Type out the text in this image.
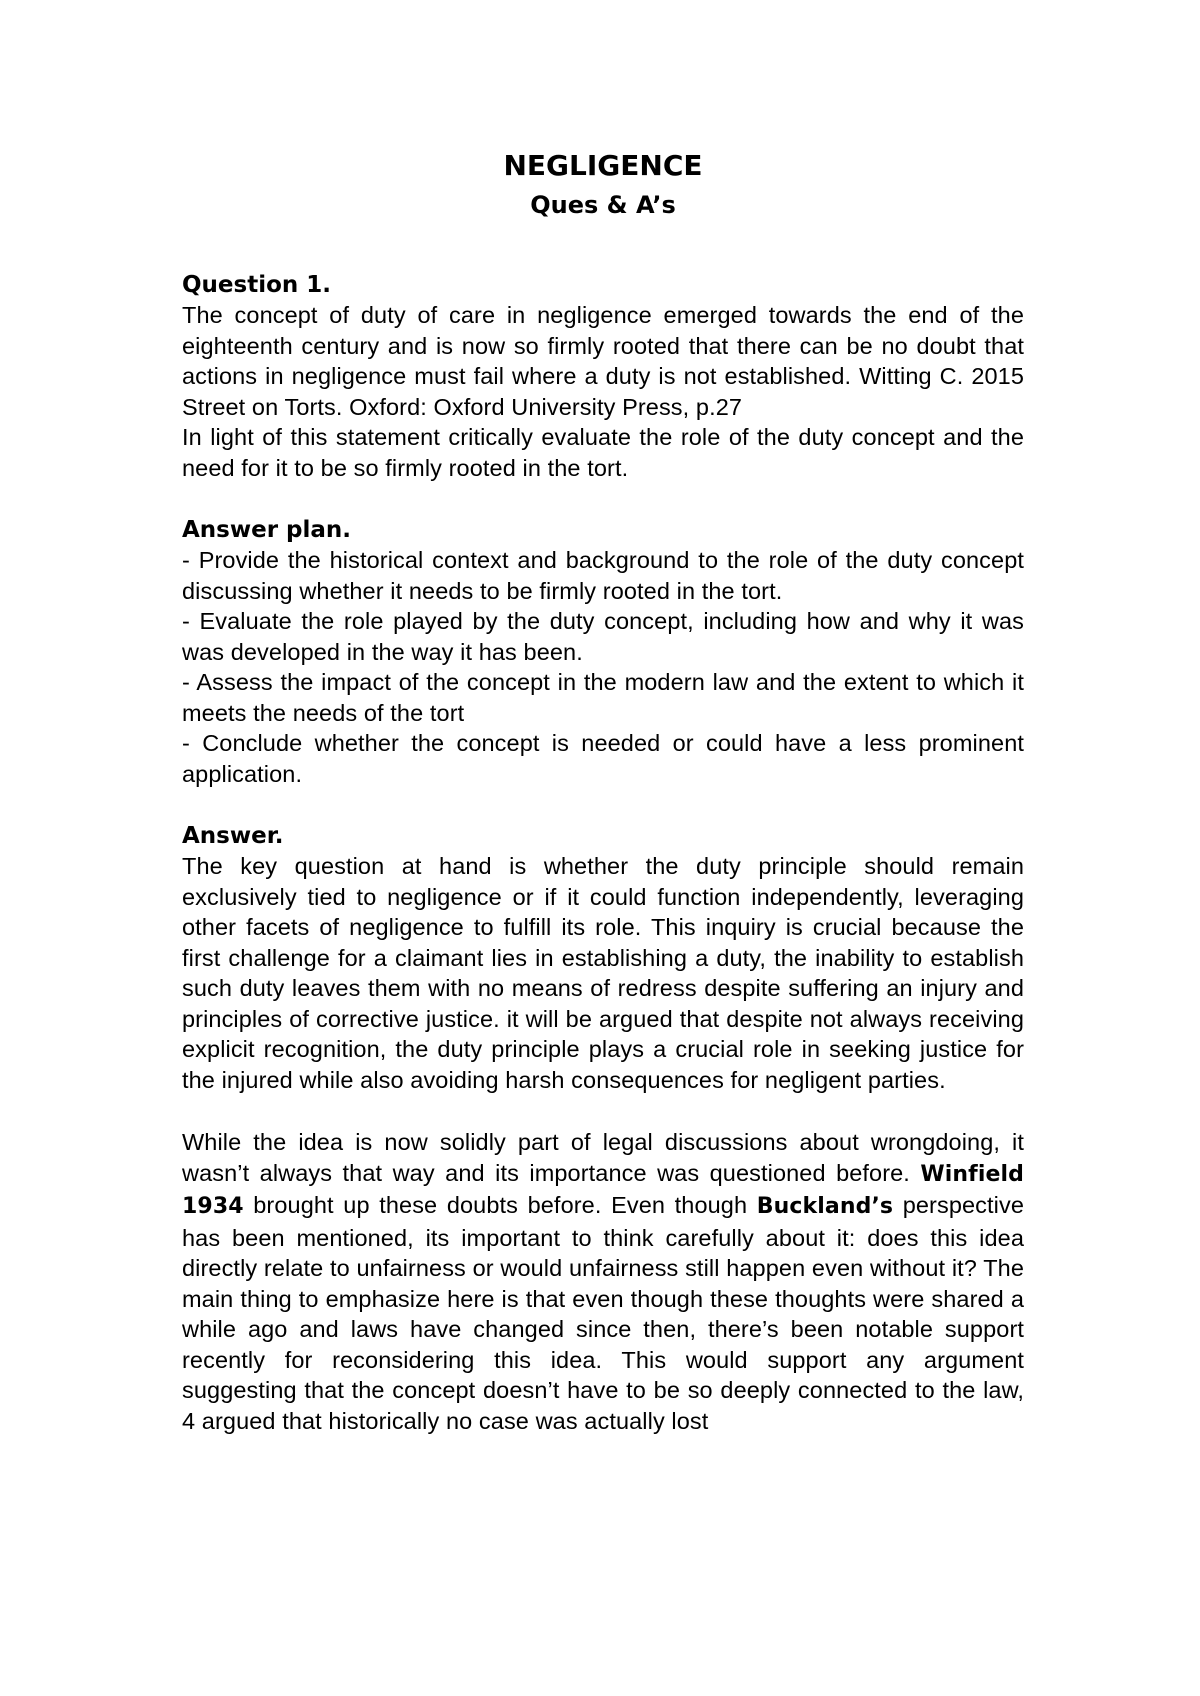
NEGLIGENCE
Ques & A’s
Question 1.

The concept of duty of care in negligence emerged towards the end of the eighteenth century and is now so firmly rooted that there can be no doubt that actions in negligence must fail where a duty is not established. Witting C. 2015 Street on Torts. Oxford: Oxford University Press, p.27

In light of this statement critically evaluate the role of the duty concept and the need for it to be so firmly rooted in the tort.

Answer plan.

- Provide the historical context and background to the role of the duty concept discussing whether it needs to be firmly rooted in the tort.

- Evaluate the role played by the duty concept, including how and why it was was developed in the way it has been.

- Assess the impact of the concept in the modern law and the extent to which it meets the needs of the tort

- Conclude whether the concept is needed or could have a less prominent application.

Answer.

The key question at hand is whether the duty principle should remain exclusively tied to negligence or if it could function independently, leveraging other facets of negligence to fulfill its role. This inquiry is crucial because the first challenge for a claimant lies in establishing a duty, the inability to establish such duty leaves them with no means of redress despite suffering an injury and principles of corrective justice. it will be argued that despite not always receiving explicit recognition, the duty principle plays a crucial role in seeking justice for the injured while also avoiding harsh consequences for negligent parties.

While the idea is now solidly part of legal discussions about wrongdoing, it wasn’t always that way and its importance was questioned before. Winfield 1934 brought up these doubts before. Even though Buckland’s perspective has been mentioned, its important to think carefully about it: does this idea directly relate to unfairness or would unfairness still happen even without it? The main thing to emphasize here is that even though these thoughts were shared a while ago and laws have changed since then, there’s been notable support recently for reconsidering this idea. This would support any argument suggesting that the concept doesn’t have to be so deeply connected to the law, 4 argued that historically no case was actually lost
